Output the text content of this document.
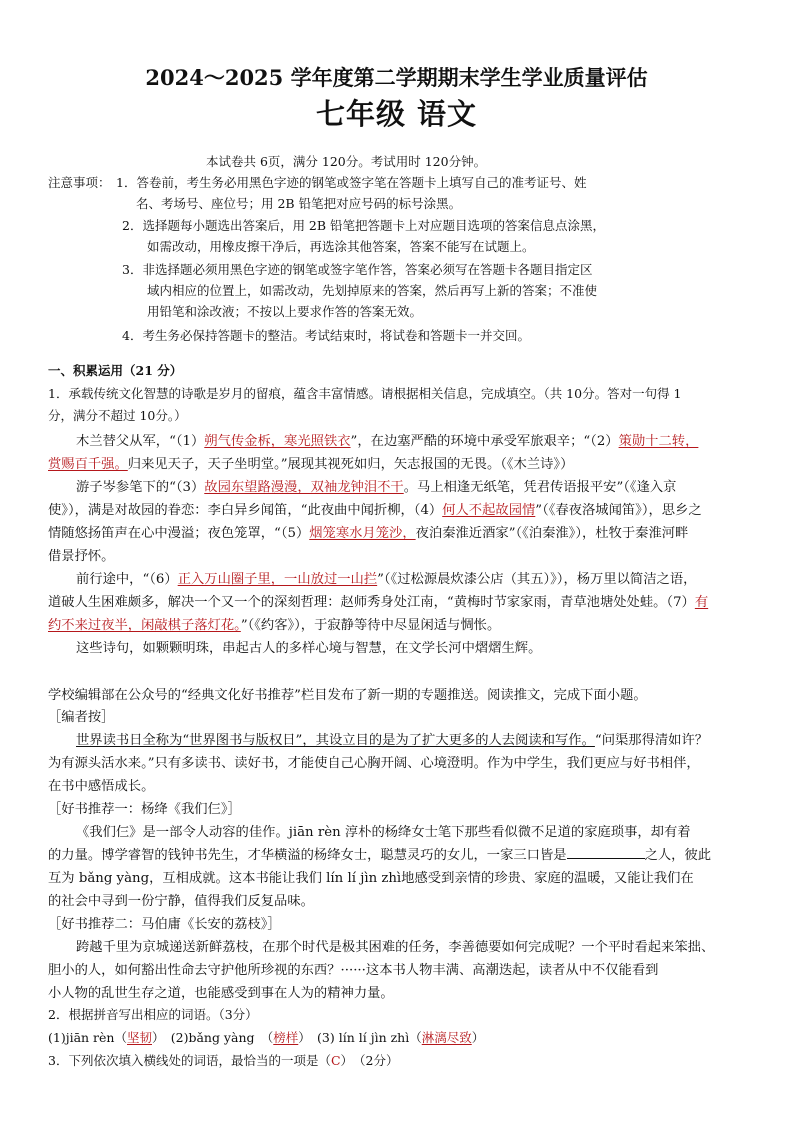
2024～2025 学年度第二学期期末学生学业质量评估
七年级 语文
本试卷共 6页，满分 120分。考试用时 120分钟。
注意事项： 1．答卷前，考生务必用黑色字迹的钢笔或签字笔在答题卡上填写自己的准考证号、姓
名、考场号、座位号；用 2B 铅笔把对应号码的标号涂黑。
2．选择题每小题选出答案后，用 2B 铅笔把答题卡上对应题目选项的答案信息点涂黑，
如需改动，用橡皮擦干净后，再选涂其他答案，答案不能写在试题上。
3．非选择题必须用黑色字迹的钢笔或签字笔作答，答案必须写在答题卡各题目指定区
域内相应的位置上，如需改动，先划掉原来的答案，然后再写上新的答案；不准使
用铅笔和涂改液；不按以上要求作答的答案无效。
4．考生务必保持答题卡的整洁。考试结束时，将试卷和答题卡一并交回。
一、积累运用（21 分）
1．承载传统文化智慧的诗歌是岁月的留痕，蕴含丰富情感。请根据相关信息，完成填空。（共 10分。答对一句得 1
分，满分不超过 10分。）
木兰替父从军，“（1）朔气传金柝，寒光照铁衣”，在边塞严酷的环境中承受军旅艰辛；“（2）策勋十二转，
赏赐百千强。归来见天子，天子坐明堂。”展现其视死如归，矢志报国的无畏。（《木兰诗》）
游子岑参笔下的“（3）故园东望路漫漫，双袖龙钟泪不干。马上相逢无纸笔，凭君传语报平安”（《逢入京
使》），满是对故园的眷恋：李白异乡闻笛，“此夜曲中闻折柳，（4）何人不起故园情”（《春夜洛城闻笛》），思乡之
情随悠扬笛声在心中漫溢；夜色笼罩，“（5）烟笼寒水月笼沙，夜泊秦淮近酒家”（《泊秦淮》），杜牧于秦淮河畔
借景抒怀。
前行途中，“（6）正入万山圈子里，一山放过一山拦”（《过松源晨炊漆公店（其五）》），杨万里以简洁之语，
道破人生困难颇多，解决一个又一个的深刻哲理：赵师秀身处江南，“黄梅时节家家雨，青草池塘处处蛙。（7）有
约不来过夜半，闲敲棋子落灯花。”（《约客》），于寂静等待中尽显闲适与惆怅。
这些诗句，如颗颗明珠，串起古人的多样心境与智慧，在文学长河中熠熠生辉。
学校编辑部在公众号的“经典文化好书推荐”栏目发布了新一期的专题推送。阅读推文，完成下面小题。
［编者按］
世界读书日全称为“世界图书与版权日”，其设立目的是为了扩大更多的人去阅读和写作。“问渠那得清如许？
为有源头活水来。”只有多读书、读好书，才能使自己心胸开阔、心境澄明。作为中学生，我们更应与好书相伴，
在书中感悟成长。
［好书推荐一：杨绛《我们仨》］
《我们仨》是一部令人动容的佳作。jiān rèn 淳朴的杨绛女士笔下那些看似微不足道的家庭琐事，却有着
的力量。博学睿智的钱钟书先生，才华横溢的杨绛女士，聪慧灵巧的女儿，一家三口皆是	之人，彼此
互为 bǎng yàng，互相成就。这本书能让我们 lín lí jìn zhì地感受到亲情的珍贵、家庭的温暖，又能让我们在
的社会中寻到一份宁静，值得我们反复品味。
［好书推荐二：马伯庸《长安的荔枝》］
跨越千里为京城递送新鲜荔枝，在那个时代是极其困难的任务，李善德要如何完成呢？一个平时看起来笨拙、
胆小的人，如何豁出性命去守护他所珍视的东西？······这本书人物丰满、高潮迭起，读者从中不仅能看到
小人物的乱世生存之道，也能感受到事在人为的精神力量。
2．根据拼音写出相应的词语。（3分）
(1)jiān rèn（坚韧）　(2)bǎng yàng　（榜样）　(3) lín lí jìn zhì（淋漓尽致）
3．下列依次填入横线处的词语，最恰当的一项是（C）　（2分）
